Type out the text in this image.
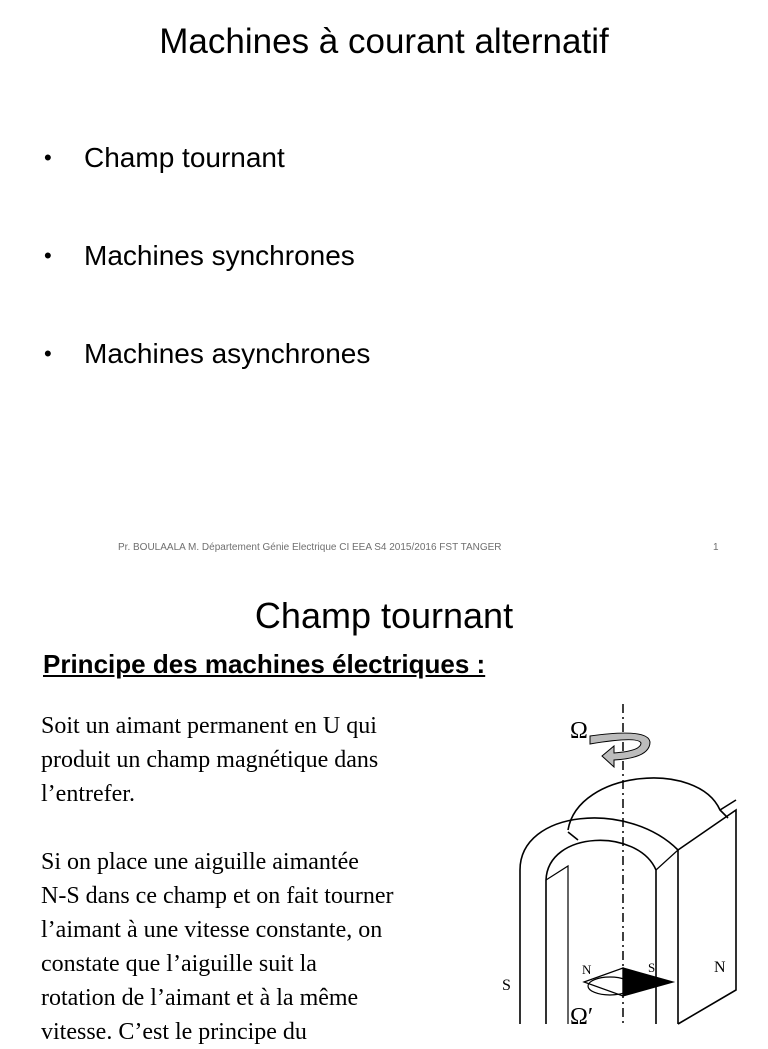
Machines à courant alternatif
•	Champ tournant
•	Machines synchrones
•	Machines asynchrones
Pr. BOULAALA M. Département Génie Electrique CI EEA S4 2015/2016 FST TANGER	1
Champ tournant
Principe des machines électriques :
Soit un aimant permanent en U qui
produit un champ magnétique dans
l’entrefer.
Si on place une aiguille aimantée
N-S dans ce champ et on fait tourner
l’aimant à une vitesse constante, on
constate que l’aiguille suit la
rotation de l’aimant et à la même
vitesse. C’est le principe du
Ω
S
N
N	S
Ω′
